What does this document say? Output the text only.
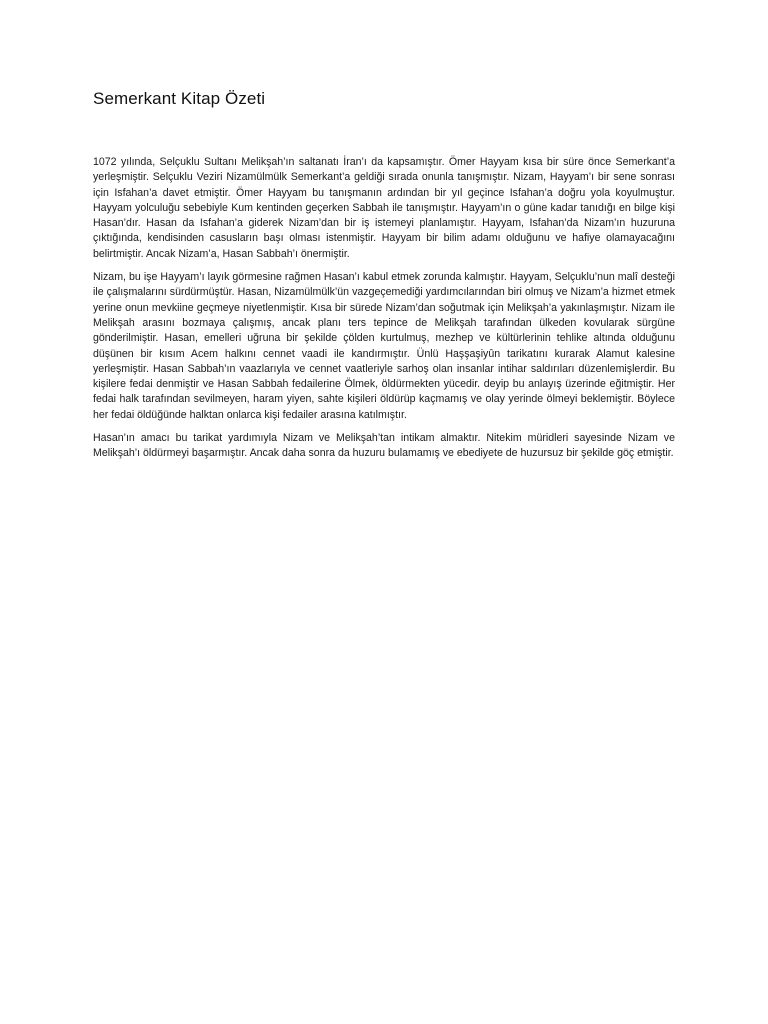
Semerkant Kitap Özeti

1072 yılında, Selçuklu Sultanı Melikşah’ın saltanatı İran’ı da kapsamıştır. Ömer Hayyam kısa bir süre önce Semerkant’a yerleşmiştir. Selçuklu Veziri Nizamülmülk Semerkant’a geldiği sırada onunla tanışmıştır. Nizam, Hayyam’ı bir sene sonrası için Isfahan’a davet etmiştir. Ömer Hayyam bu tanışmanın ardından bir yıl geçince Isfahan’a doğru yola koyulmuştur. Hayyam yolculuğu sebebiyle Kum kentinden geçerken Sabbah ile tanışmıştır. Hayyam’ın o güne kadar tanıdığı en bilge kişi Hasan’dır. Hasan da Isfahan’a giderek Nizam’dan bir iş istemeyi planlamıştır. Hayyam, Isfahan’da Nizam’ın huzuruna çıktığında, kendisinden casusların başı olması istenmiştir. Hayyam bir bilim adamı olduğunu ve hafiye olamayacağını belirtmiştir. Ancak Nizam’a, Hasan Sabbah’ı önermiştir.

Nizam, bu işe Hayyam’ı layık görmesine rağmen Hasan’ı kabul etmek zorunda kalmıştır. Hayyam, Selçuklu’nun malî desteği ile çalışmalarını sürdürmüştür. Hasan, Nizamülmülk’ün vazgeçemediği yardımcılarından biri olmuş ve Nizam’a hizmet etmek yerine onun mevkiine geçmeye niyetlenmiştir. Kısa bir sürede Nizam’dan soğutmak için Melikşah’a yakınlaşmıştır. Nizam ile Melikşah arasını bozmaya çalışmış, ancak planı ters tepince de Melikşah tarafından ülkeden kovularak sürgüne gönderilmiştir. Hasan, emelleri uğruna bir şekilde çölden kurtulmuş, mezhep ve kültürlerinin tehlike altında olduğunu düşünen bir kısım Acem halkını cennet vaadi ile kandırmıştır. Ünlü Haşşaşiyûn tarikatını kurarak Alamut kalesine yerleşmiştir. Hasan Sabbah’ın vaazlarıyla ve cennet vaatleriyle sarhoş olan insanlar intihar saldırıları düzenlemişlerdir. Bu kişilere fedai denmiştir ve Hasan Sabbah fedailerine Ölmek, öldürmekten yücedir. deyip bu anlayış üzerinde eğitmiştir. Her fedai halk tarafından sevilmeyen, haram yiyen, sahte kişileri öldürüp kaçmamış ve olay yerinde ölmeyi beklemiştir. Böylece her fedai öldüğünde halktan onlarca kişi fedailer arasına katılmıştır.

Hasan’ın amacı bu tarikat yardımıyla Nizam ve Melikşah’tan intikam almaktır. Nitekim müridleri sayesinde Nizam ve Melikşah’ı öldürmeyi başarmıştır. Ancak daha sonra da huzuru bulamamış ve ebediyete de huzursuz bir şekilde göç etmiştir.
